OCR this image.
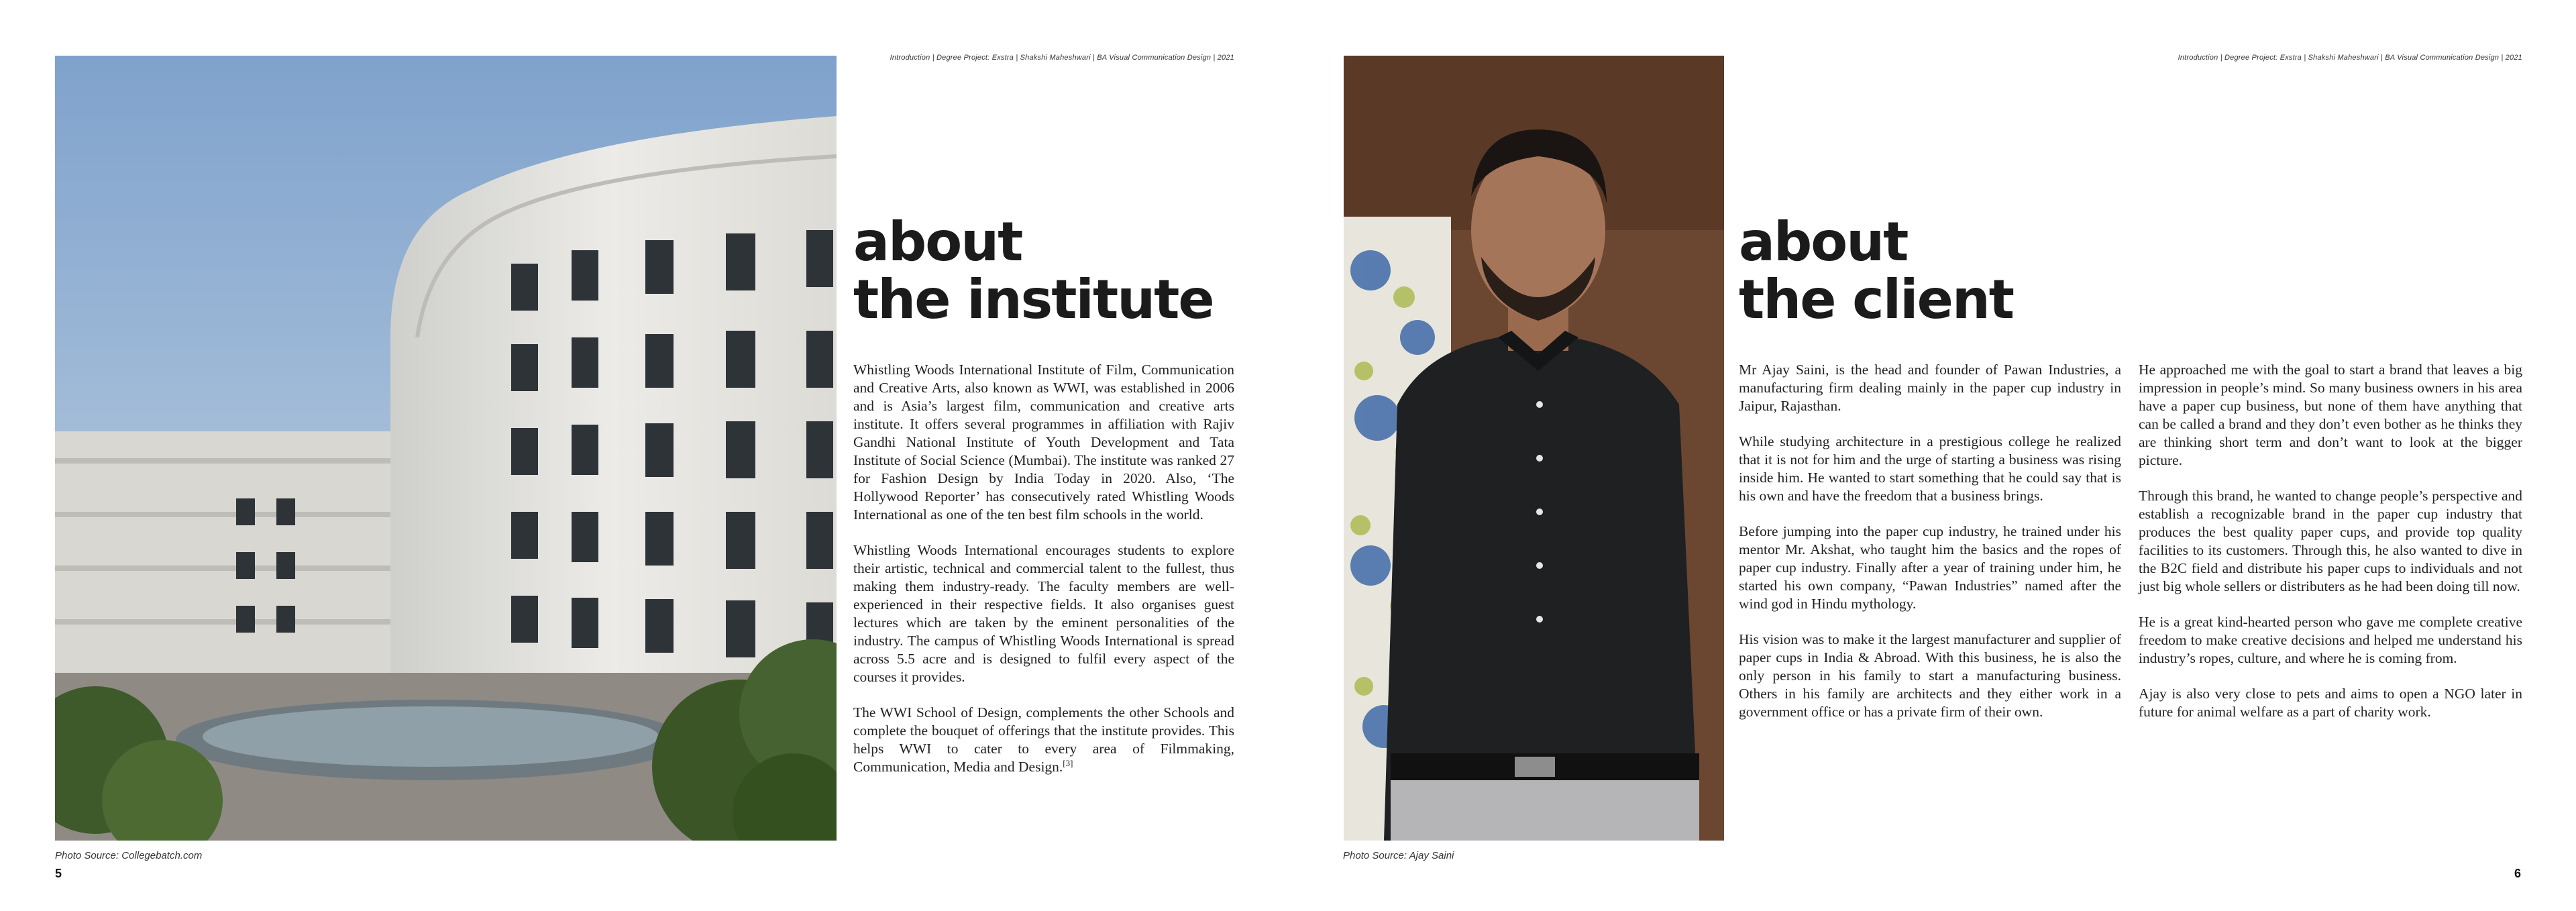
Introduction | Degree Project: Exstra | Shakshi Maheshwari | BA Visual Communication Design | 2021
Photo Source: Collegebatch.com
5
about
the institute

Whistling Woods International Institute of Film, Communication and Creative Arts, also known as WWI, was established in 2006 and is Asia’s largest film, communication and creative arts institute. It offers several programmes in affiliation with Rajiv Gandhi National Institute of Youth Development and Tata Institute of Social Science (Mumbai). The institute was ranked 27 for Fashion Design by India Today in 2020. Also, ‘The Hollywood Reporter’ has consecutively rated Whistling Woods International as one of the ten best film schools in the world.

Whistling Woods International encourages students to explore their artistic, technical and commercial talent to the fullest, thus making them industry-ready. The faculty members are well-experienced in their respective fields. It also organises guest lectures which are taken by the eminent personalities of the industry. The campus of Whistling Woods International is spread across 5.5 acre and is designed to fulfil every aspect of the courses it provides.

The WWI School of Design, complements the other Schools and complete the bouquet of offerings that the institute provides. This helps WWI to cater to every area of Filmmaking, Communication, Media and Design.[3]

Introduction | Degree Project: Exstra | Shakshi Maheshwari | BA Visual Communication Design | 2021
Photo Source: Ajay Saini
6
about
the client

Mr Ajay Saini, is the head and founder of Pawan Industries, a manufacturing firm dealing mainly in the paper cup industry in Jaipur, Rajasthan.

While studying architecture in a prestigious college he realized that it is not for him and the urge of starting a business was rising inside him. He wanted to start something that he could say that is his own and have the freedom that a business brings.

Before jumping into the paper cup industry, he trained under his mentor Mr. Akshat, who taught him the basics and the ropes of paper cup industry. Finally after a year of training under him, he started his own company, “Pawan Industries” named after the wind god in Hindu mythology.

His vision was to make it the largest manufacturer and supplier of paper cups in India & Abroad. With this business, he is also the only person in his family to start a manufacturing business. Others in his family are architects and they either work in a government office or has a private firm of their own.

He approached me with the goal to start a brand that leaves a big impression in people’s mind. So many business owners in his area have a paper cup business, but none of them have anything that can be called a brand and they don’t even bother as he thinks they are thinking short term and don’t want to look at the bigger picture.

Through this brand, he wanted to change people’s perspective and establish a recognizable brand in the paper cup industry that produces the best quality paper cups, and provide top quality facilities to its customers. Through this, he also wanted to dive in the B2C field and distribute his paper cups to individuals and not just big whole sellers or distributers as he had been doing till now.

He is a great kind-hearted person who gave me complete creative freedom to make creative decisions and helped me understand his industry’s ropes, culture, and where he is coming from.

Ajay is also very close to pets and aims to open a NGO later in future for animal welfare as a part of charity work.
